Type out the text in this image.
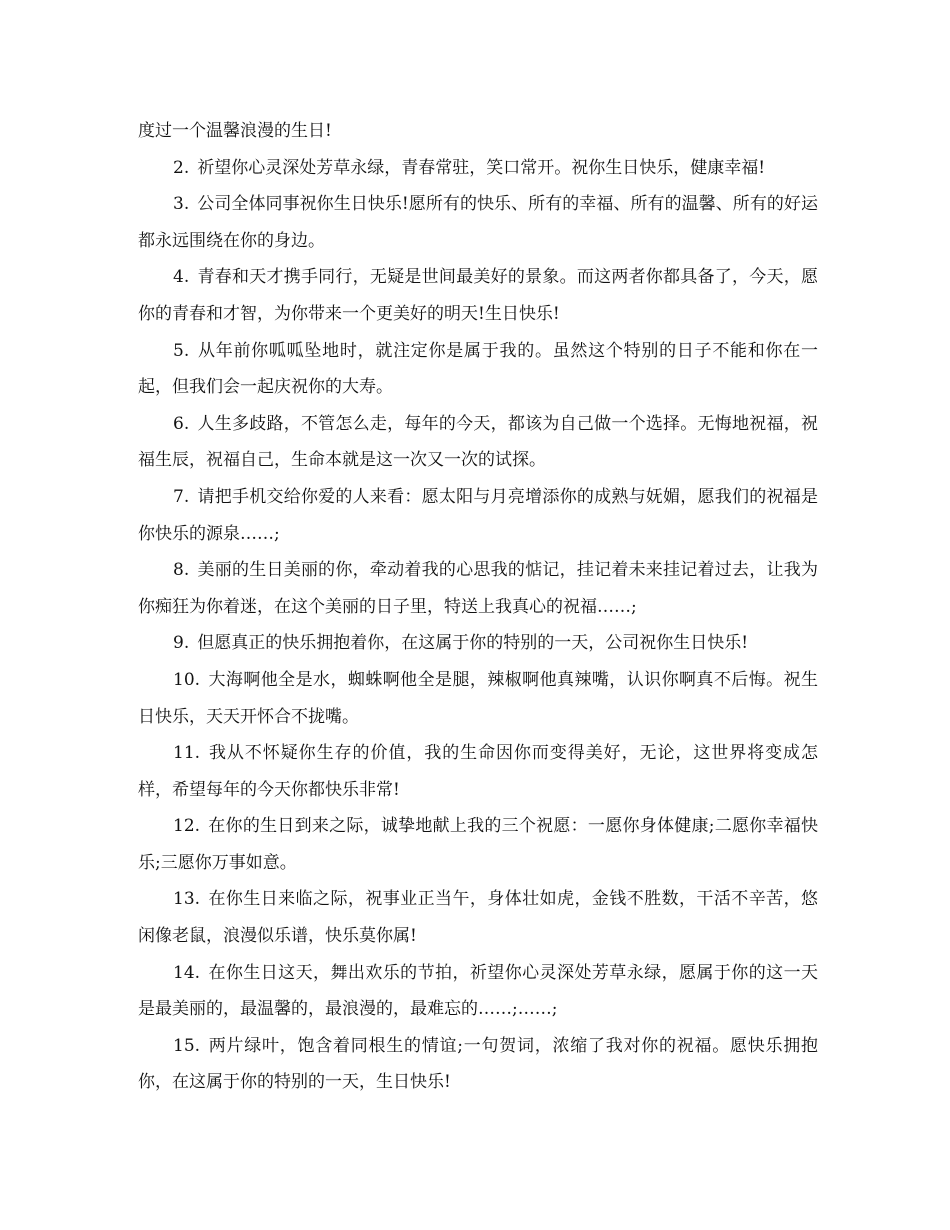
度过一个温馨浪漫的生日!

2. 祈望你心灵深处芳草永绿，青春常驻，笑口常开。祝你生日快乐，健康幸福!

3. 公司全体同事祝你生日快乐!愿所有的快乐、所有的幸福、所有的温馨、所有的好运都永远围绕在你的身边。

4. 青春和天才携手同行，无疑是世间最美好的景象。而这两者你都具备了，今天，愿你的青春和才智，为你带来一个更美好的明天!生日快乐!

5. 从年前你呱呱坠地时，就注定你是属于我的。虽然这个特别的日子不能和你在一起，但我们会一起庆祝你的大寿。

6. 人生多歧路，不管怎么走，每年的今天，都该为自己做一个选择。无悔地祝福，祝福生辰，祝福自己，生命本就是这一次又一次的试探。

7. 请把手机交给你爱的人来看：愿太阳与月亮增添你的成熟与妩媚，愿我们的祝福是你快乐的源泉……;

8. 美丽的生日美丽的你，牵动着我的心思我的惦记，挂记着未来挂记着过去，让我为你痴狂为你着迷，在这个美丽的日子里，特送上我真心的祝福……;

9. 但愿真正的快乐拥抱着你，在这属于你的特别的一天，公司祝你生日快乐!

10. 大海啊他全是水，蜘蛛啊他全是腿，辣椒啊他真辣嘴，认识你啊真不后悔。祝生日快乐，天天开怀合不拢嘴。

11. 我从不怀疑你生存的价值，我的生命因你而变得美好，无论，这世界将变成怎样，希望每年的今天你都快乐非常!

12. 在你的生日到来之际，诚挚地献上我的三个祝愿：一愿你身体健康;二愿你幸福快乐;三愿你万事如意。

13. 在你生日来临之际，祝事业正当午，身体壮如虎，金钱不胜数，干活不辛苦，悠闲像老鼠，浪漫似乐谱，快乐莫你属!

14. 在你生日这天，舞出欢乐的节拍，祈望你心灵深处芳草永绿，愿属于你的这一天是最美丽的，最温馨的，最浪漫的，最难忘的……;……;

15. 两片绿叶，饱含着同根生的情谊;一句贺词，浓缩了我对你的祝福。愿快乐拥抱你，在这属于你的特别的一天，生日快乐!
